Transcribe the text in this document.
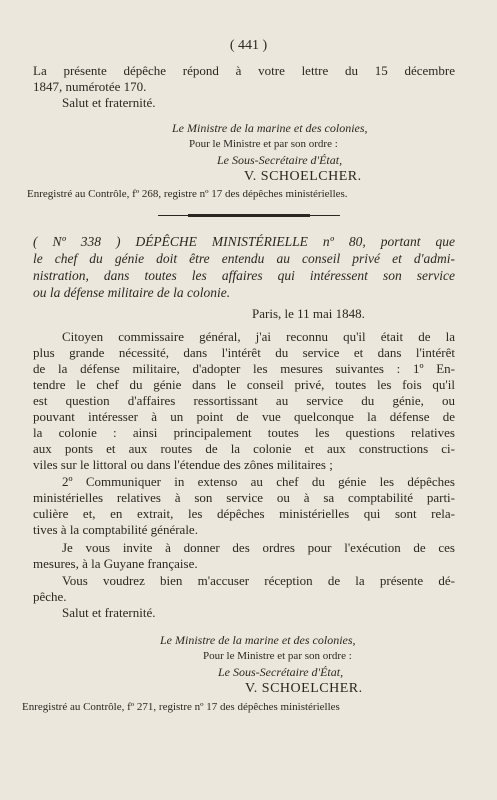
( 441 )
La présente dépêche répond à votre lettre du 15 décembre
1847, numérotée 170.
Salut et fraternité.
Le Ministre de la marine et des colonies,
Pour le Ministre et par son ordre :
Le Sous-Secrétaire d'État,
V. SCHOELCHER.
Enregistré au Contrôle, fº 268, registre nº 17 des dépêches ministérielles.
( Nº 338 ) DÉPÊCHE MINISTÉRIELLE nº 80, portant que
le chef du génie doit être entendu au conseil privé et d'admi-
nistration, dans toutes les affaires qui intéressent son service
ou la défense militaire de la colonie.
Paris, le 11 mai 1848.
Citoyen commissaire général, j'ai reconnu qu'il était de la
plus grande nécessité, dans l'intérêt du service et dans l'intérêt
de la défense militaire, d'adopter les mesures suivantes : 1º En-
tendre le chef du génie dans le conseil privé, toutes les fois qu'il
est question d'affaires ressortissant au service du génie, ou
pouvant intéresser à un point de vue quelconque la défense de
la colonie : ainsi principalement toutes les questions relatives
aux ponts et aux routes de la colonie et aux constructions ci-
viles sur le littoral ou dans l'étendue des zônes militaires ;
2º Communiquer in extenso au chef du génie les dépêches
ministérielles relatives à son service ou à sa comptabilité parti-
culière et, en extrait, les dépêches ministérielles qui sont rela-
tives à la comptabilité générale.
Je vous invite à donner des ordres pour l'exécution de ces
mesures, à la Guyane française.
Vous voudrez bien m'accuser réception de la présente dé-
pêche.
Salut et fraternité.
Le Ministre de la marine et des colonies,
Pour le Ministre et par son ordre :
Le Sous-Secrétaire d'État,
V. SCHOELCHER.
Enregistré au Contrôle, fº 271, registre nº 17 des dépêches ministérielles
